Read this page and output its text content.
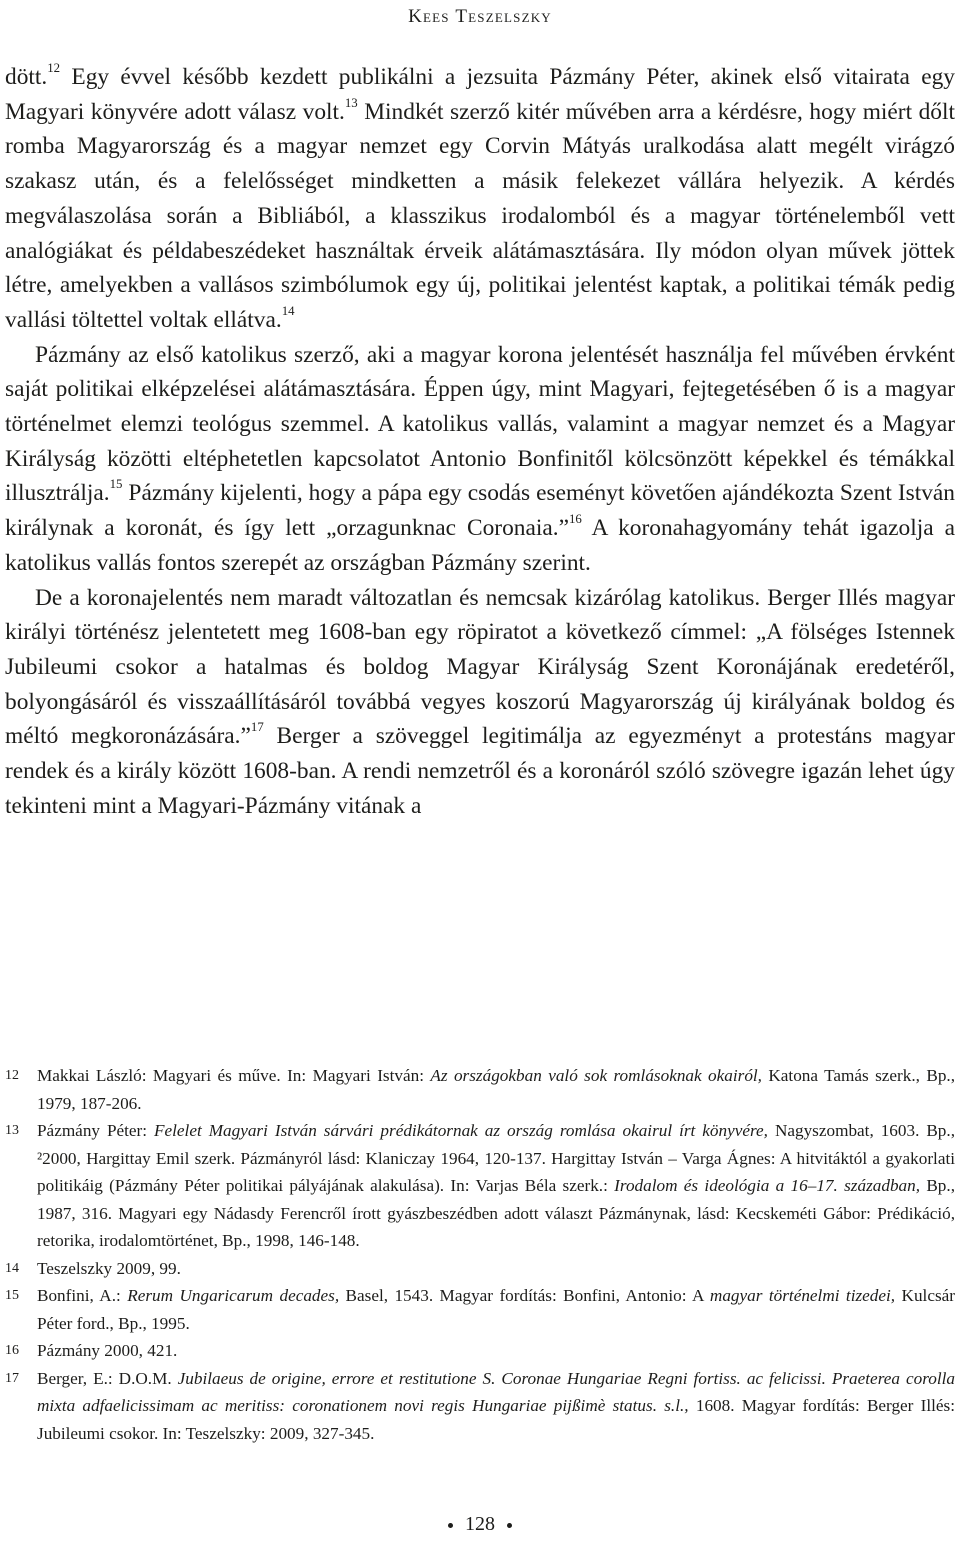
Kees Teszelszky

dött.$^{12}$ Egy évvel később kezdett publikálni a jezsuita Pázmány Péter, akinek első vitairata egy Magyari könyvére adott válasz volt.$^{13}$ Mindkét szerző kitér művében arra a kérdésre, hogy miért dőlt romba Magyarország és a magyar nemzet egy Corvin Mátyás uralkodása alatt megélt virágzó szakasz után, és a felelősséget mindketten a másik felekezet vállára helyezik. A kérdés megválaszolása során a Bibliából, a klasszikus irodalomból és a magyar történelemből vett analógiákat és példabeszédeket használtak érveik alátámasztására. Ily módon olyan művek jöttek létre, amelyekben a vallásos szimbólumok egy új, politikai jelentést kaptak, a politikai témák pedig vallási töltettel voltak ellátva.$^{14}$

Pázmány az első katolikus szerző, aki a magyar korona jelentését használja fel művében érvként saját politikai elképzelései alátámasztására. Éppen úgy, mint Magyari, fejtegetésében ő is a magyar történelmet elemzi teológus szemmel. A katolikus vallás, valamint a magyar nemzet és a Magyar Királyság közötti eltéphetetlen kapcsolatot Antonio Bonfinitől kölcsönzött képekkel és témákkal illusztrálja.$^{15}$ Pázmány kijelenti, hogy a pápa egy csodás eseményt követően ajándékozta Szent István királynak a koronát, és így lett „orzagunknac Coronaia.”$^{16}$ A koronahagyomány tehát igazolja a katolikus vallás fontos szerepét az országban Pázmány szerint.

De a koronajelentés nem maradt változatlan és nemcsak kizárólag katolikus. Berger Illés magyar királyi történész jelentetett meg 1608-ban egy röpiratot a következő címmel: „A fölséges Istennek Jubileumi csokor a hatalmas és boldog Magyar Királyság Szent Koronájának eredetéről, bolyongásáról és visszaállításáról továbbá vegyes koszorú Magyarország új királyának boldog és méltó megkoronázására.”$^{17}$ Berger a szöveggel legitimálja az egyezményt a protestáns magyar rendek és a király között 1608-ban. A rendi nemzetről és a koronáról szóló szövegre igazán lehet úgy tekinteni mint a Magyari-Pázmány vitának a

12 Makkai László: Magyari és műve. In: Magyari István: Az országokban való sok romlásoknak okairól, Katona Tamás szerk., Bp., 1979, 187-206.
13 Pázmány Péter: Felelet Magyari István sárvári prédikátornak az ország romlása okairul írt könyvére, Nagyszombat, 1603. Bp., ²2000, Hargittay Emil szerk. Pázmányról lásd: Klaniczay 1964, 120-137. Hargittay István – Varga Ágnes: A hitvitáktól a gyakorlati politikáig (Pázmány Péter politikai pályájának alakulása). In: Varjas Béla szerk.: Irodalom és ideológia a 16–17. században, Bp., 1987, 316. Magyari egy Nádasdy Ferencről írott gyászbeszédben adott választ Pázmánynak, lásd: Kecskeméti Gábor: Prédikáció, retorika, irodalomtörténet, Bp., 1998, 146-148.
14 Teszelszky 2009, 99.
15 Bonfini, A.: Rerum Ungaricarum decades, Basel, 1543. Magyar fordítás: Bonfini, Antonio: A magyar történelmi tizedei, Kulcsár Péter ford., Bp., 1995.
16 Pázmány 2000, 421.
17 Berger, E.: D.O.M. Jubilaeus de origine, errore et restitutione S. Coronae Hungariae Regni fortiss. ac felicissi. Praeterea corolla mixta adfaelicissimam ac meritiss: coronationem novi regis Hungariae pijßimè status. s.l., 1608. Magyar fordítás: Berger Illés: Jubileumi csokor. In: Teszelszky: 2009, 327-345.
128
